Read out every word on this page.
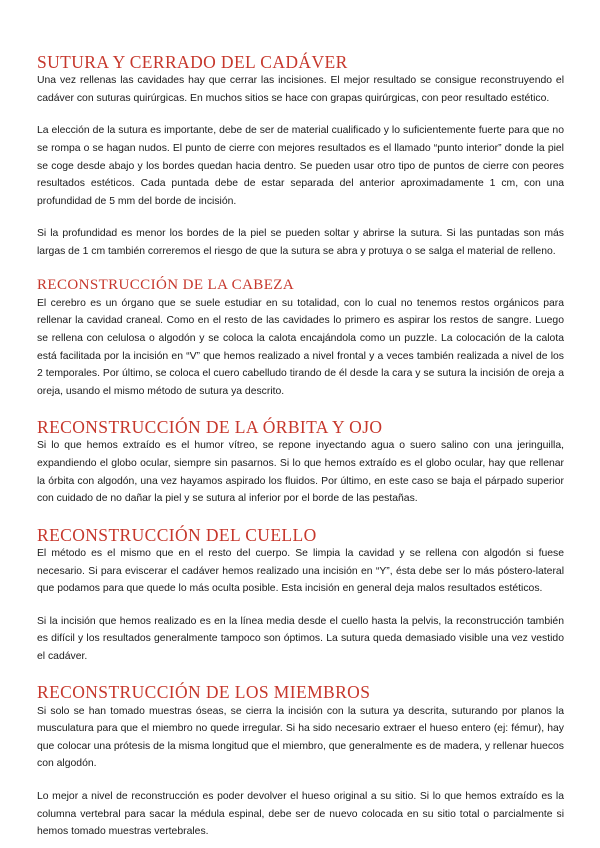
SUTURA Y CERRADO DEL CADÁVER

Una vez rellenas las cavidades hay que cerrar las incisiones. El mejor resultado se consigue reconstruyendo el cadáver con suturas quirúrgicas. En muchos sitios se hace con grapas quirúrgicas, con peor resultado estético.

La elección de la sutura es importante, debe de ser de material cualificado y lo suficientemente fuerte para que no se rompa o se hagan nudos. El punto de cierre con mejores resultados es el llamado “punto interior” donde la piel se coge desde abajo y los bordes quedan hacia dentro. Se pueden usar otro tipo de puntos de cierre con peores resultados estéticos. Cada puntada debe de estar separada del anterior aproximadamente 1 cm, con una profundidad de 5 mm del borde de incisión.

Si la profundidad es menor los bordes de la piel se pueden soltar y abrirse la sutura. Si las puntadas son más largas de 1 cm también correremos el riesgo de que la sutura se abra y protuya o se salga el material de relleno.

RECONSTRUCCIÓN DE LA CABEZA

El cerebro es un órgano que se suele estudiar en su totalidad, con lo cual no tenemos restos orgánicos para rellenar la cavidad craneal. Como en el resto de las cavidades lo primero es aspirar los restos de sangre. Luego se rellena con celulosa o algodón y se coloca la calota encajándola como un puzzle. La colocación de la calota está facilitada por la incisión en “V” que hemos realizado a nivel frontal y a veces también realizada a nivel de los 2 temporales. Por último, se coloca el cuero cabelludo tirando de él desde la cara y se sutura la incisión de oreja a oreja, usando el mismo método de sutura ya descrito.

RECONSTRUCCIÓN DE LA ÓRBITA Y OJO

Si lo que hemos extraído es el humor vítreo, se repone inyectando agua o suero salino con una jeringuilla, expandiendo el globo ocular, siempre sin pasarnos. Si lo que hemos extraído es el globo ocular, hay que rellenar la órbita con algodón, una vez hayamos aspirado los fluidos. Por último, en este caso se baja el párpado superior con cuidado de no dañar la piel y se sutura al inferior por el borde de las pestañas.

RECONSTRUCCIÓN DEL CUELLO

El método es el mismo que en el resto del cuerpo. Se limpia la cavidad y se rellena con algodón si fuese necesario. Si para eviscerar el cadáver hemos realizado una incisión en “Y”, ésta debe ser lo más póstero-lateral que podamos para que quede lo más oculta posible. Esta incisión en general deja malos resultados estéticos.

Si la incisión que hemos realizado es en la línea media desde el cuello hasta la pelvis, la reconstrucción también es difícil y los resultados generalmente tampoco son óptimos. La sutura queda demasiado visible una vez vestido el cadáver.

RECONSTRUCCIÓN DE LOS MIEMBROS

Si solo se han tomado muestras óseas, se cierra la incisión con la sutura ya descrita, suturando por planos la musculatura para que el miembro no quede irregular. Si ha sido necesario extraer el hueso entero (ej: fémur), hay que colocar una prótesis de la misma longitud que el miembro, que generalmente es de madera, y rellenar huecos con algodón.

Lo mejor a nivel de reconstrucción es poder devolver el hueso original a su sitio. Si lo que hemos extraído es la columna vertebral para sacar la médula espinal, debe ser de nuevo colocada en su sitio total o parcialmente si hemos tomado muestras vertebrales.
